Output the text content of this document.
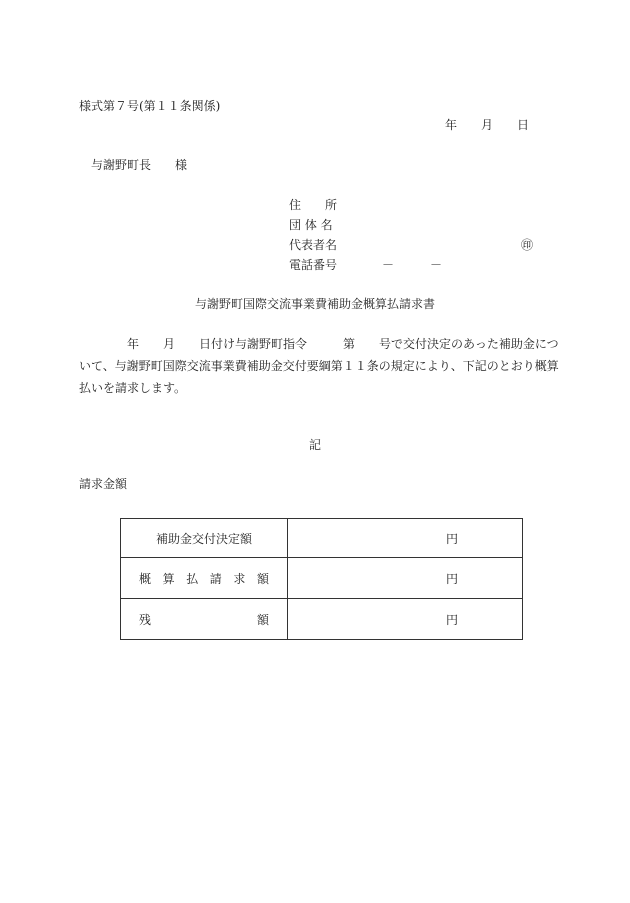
様式第７号(第１１条関係)
年 月 日
与謝野町長　　様
住　　所
団 体 名
代表者名	㊞
電話番号	－	－
与謝野町国際交流事業費補助金概算払請求書
　　　　年　　月　　日付け与謝野町指令　　　第　　号で交付決定のあった補助金につ
いて、与謝野町国際交流事業費補助金交付要綱第１１条の規定により、下記のとおり概算
払いを請求します。
記
請求金額
補助金交付決定額	円
概算払請求額	円
残額	円
